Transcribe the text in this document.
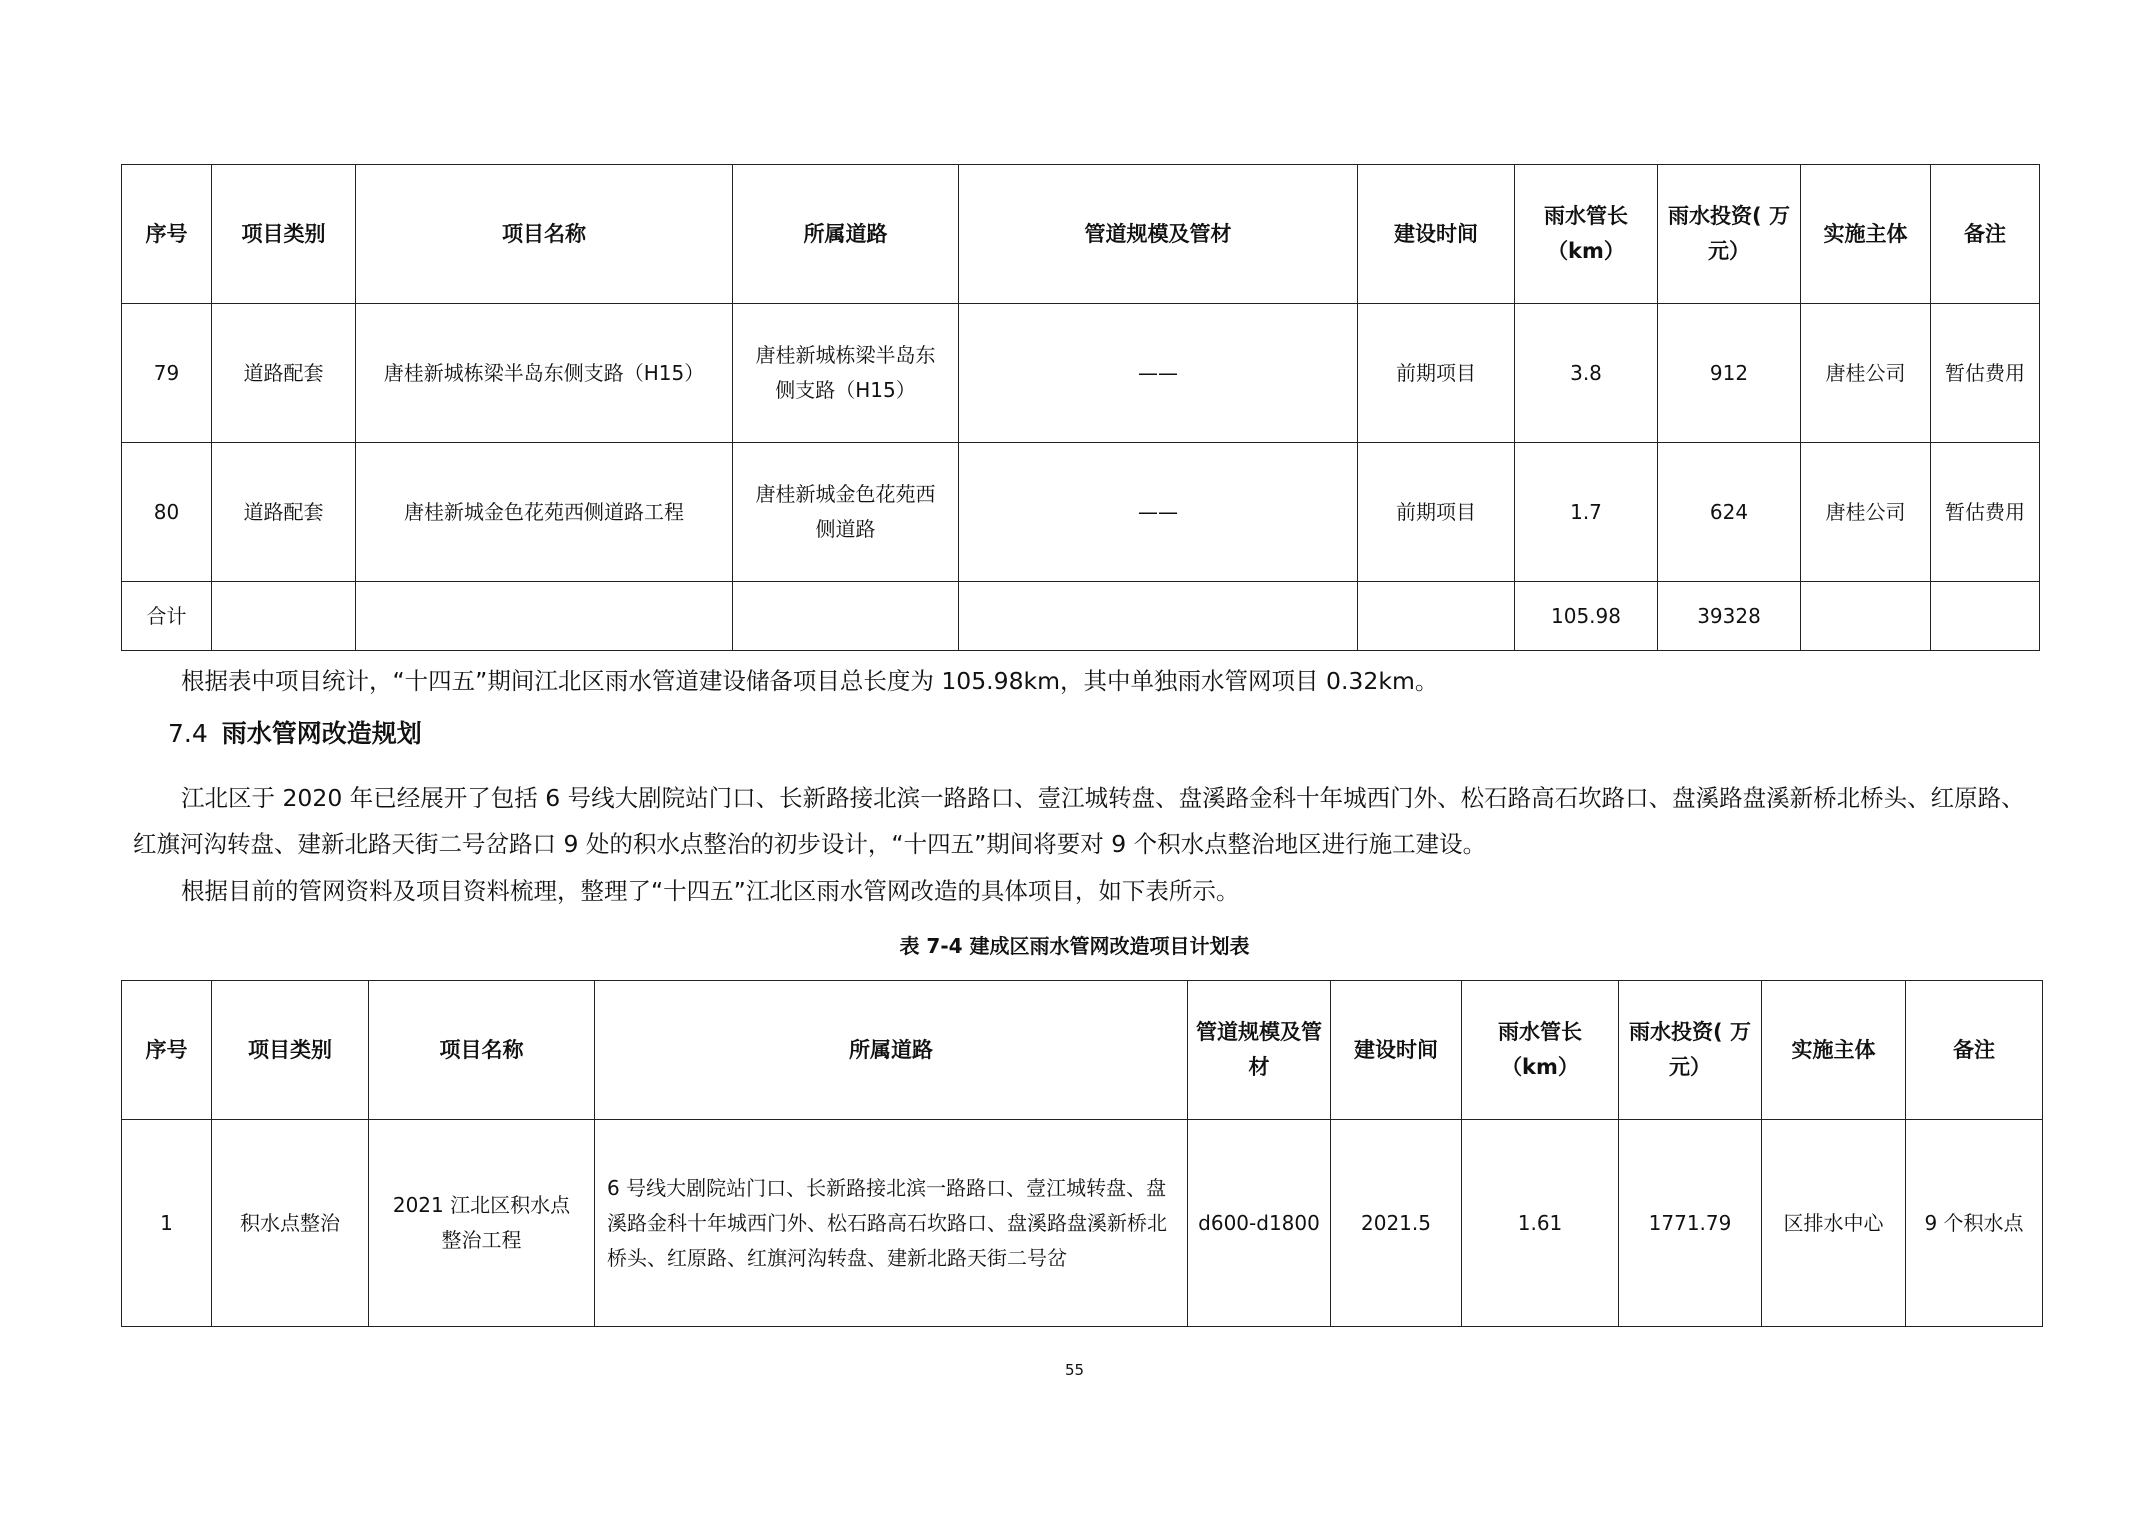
序号	项目类别	项目名称	所属道路	管道规模及管材	建设时间	雨水管长（km）	雨水投资( 万元）	实施主体	备注
79	道路配套	唐桂新城栋梁半岛东侧支路（H15）	唐桂新城栋梁半岛东侧支路（H15）	——	前期项目	3.8	912	唐桂公司	暂估费用
80	道路配套	唐桂新城金色花苑西侧道路工程	唐桂新城金色花苑西侧道路	——	前期项目	1.7	624	唐桂公司	暂估费用
合计						105.98	39328		

根据表中项目统计，“十四五”期间江北区雨水管道建设储备项目总长度为 105.98km，其中单独雨水管网项目 0.32km。

7.4 雨水管网改造规划

江北区于 2020 年已经展开了包括 6 号线大剧院站门口、长新路接北滨一路路口、壹江城转盘、盘溪路金科十年城西门外、松石路高石坎路口、盘溪路盘溪新桥北桥头、红原路、红旗河沟转盘、建新北路天街二号岔路口 9 处的积水点整治的初步设计，“十四五”期间将要对 9 个积水点整治地区进行施工建设。

根据目前的管网资料及项目资料梳理，整理了“十四五”江北区雨水管网改造的具体项目，如下表所示。

表 7-4 建成区雨水管网改造项目计划表

序号	项目类别	项目名称	所属道路	管道规模及管材	建设时间	雨水管长（km）	雨水投资( 万元）	实施主体	备注
1	积水点整治	2021 江北区积水点整治工程	6 号线大剧院站门口、长新路接北滨一路路口、壹江城转盘、盘溪路金科十年城西门外、松石路高石坎路口、盘溪路盘溪新桥北桥头、红原路、红旗河沟转盘、建新北路天街二号岔	d600-d1800	2021.5	1.61	1771.79	区排水中心	9 个积水点
55
